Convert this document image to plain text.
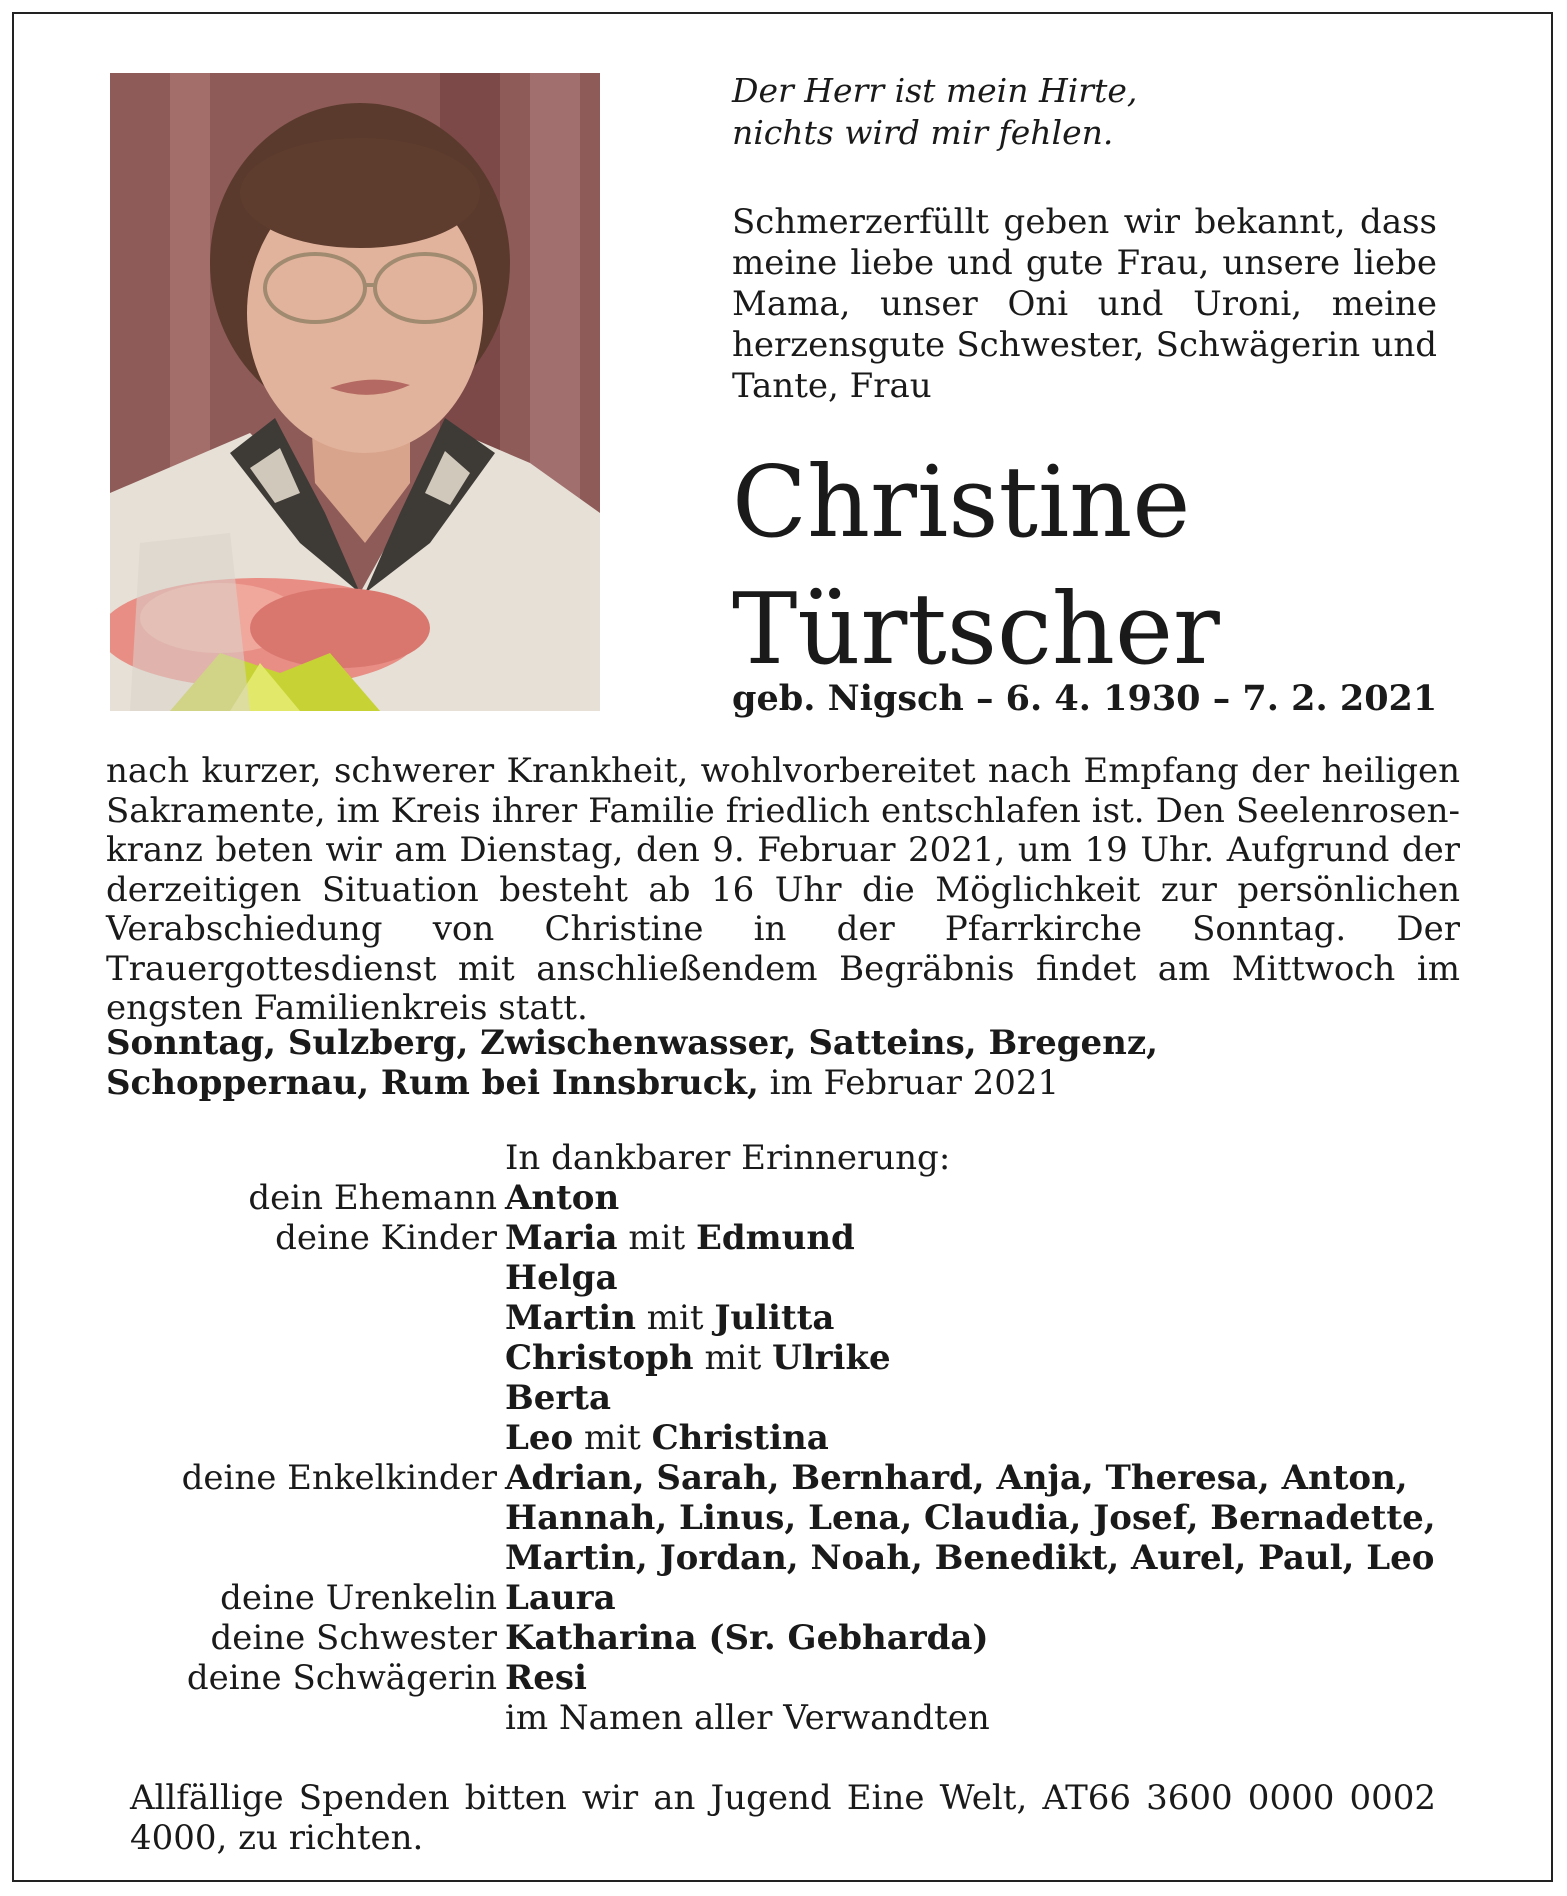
Der Herr ist mein Hirte,
nichts wird mir fehlen.
Schmerzerfüllt geben wir bekannt, dass meine liebe und gute Frau, unsere liebe Mama, unser Oni und Uroni, meine herzensgute Schwester, Schwägerin und Tante, Frau
Christine
Türtscher
geb. Nigsch – 6. 4. 1930 – 7. 2. 2021
nach kurzer, schwerer Krankheit, wohlvorbereitet nach Empfang der heiligen Sakramente, im Kreis ihrer Familie friedlich entschlafen ist. Den Seelenrosenkranz beten wir am Dienstag, den 9. Februar 2021, um 19 Uhr. Aufgrund der derzeitigen Situation besteht ab 16 Uhr die Möglichkeit zur persönlichen Verabschiedung von Christine in der Pfarrkirche Sonntag. Der Trauergottesdienst mit anschließendem Begräbnis findet am Mittwoch im engsten Familienkreis statt.
Sonntag, Sulzberg, Zwischenwasser, Satteins, Bregenz,
Schoppernau, Rum bei Innsbruck, im Februar 2021
In dankbarer Erinnerung:
dein Ehemann Anton
deine Kinder Maria mit Edmund
Helga
Martin mit Julitta
Christoph mit Ulrike
Berta
Leo mit Christina
deine Enkelkinder Adrian, Sarah, Bernhard, Anja, Theresa, Anton,
Hannah, Linus, Lena, Claudia, Josef, Bernadette,
Martin, Jordan, Noah, Benedikt, Aurel, Paul, Leo
deine Urenkelin Laura
deine Schwester Katharina (Sr. Gebharda)
deine Schwägerin Resi
im Namen aller Verwandten
Allfällige Spenden bitten wir an Jugend Eine Welt, AT66 3600 0000 0002 4000, zu richten.
